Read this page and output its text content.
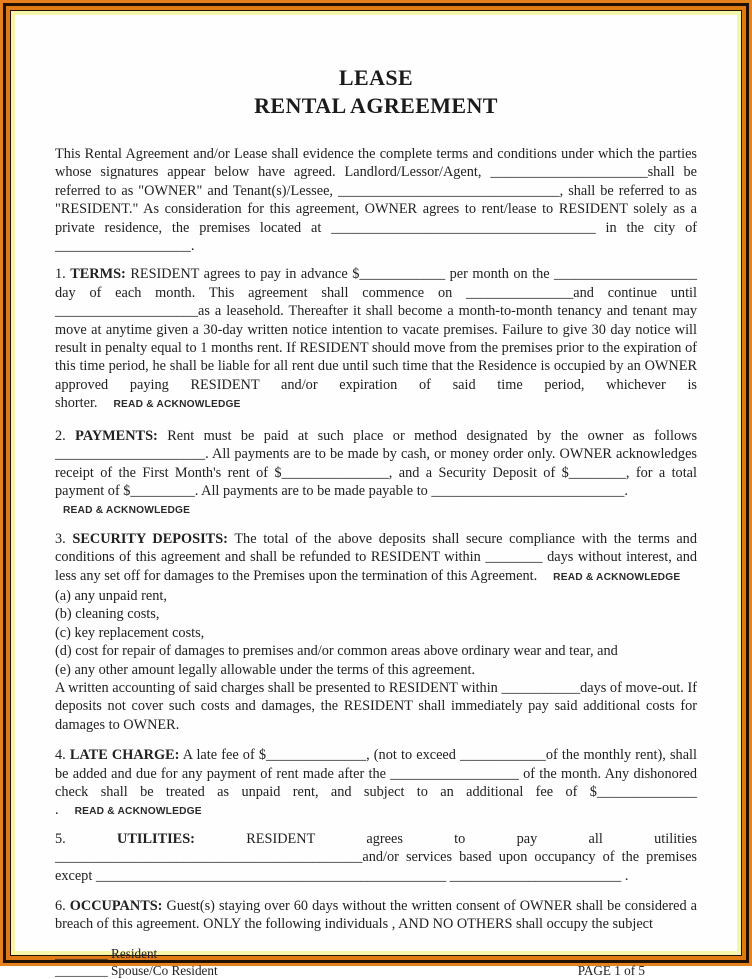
LEASE
RENTAL AGREEMENT

This Rental Agreement and/or Lease shall evidence the complete terms and conditions under which the parties whose signatures appear below have agreed. Landlord/Lessor/Agent, ______________________shall be referred to as "OWNER" and Tenant(s)/Lessee, _______________________________, shall be referred to as "RESIDENT." As consideration for this agreement, OWNER agrees to rent/lease to RESIDENT solely as a private residence, the premises located at _____________________________________ in the city of ___________________.

1. TERMS: RESIDENT agrees to pay in advance $____________ per month on the ____________________ day of each month. This agreement shall commence on _______________and continue until ____________________as a leasehold. Thereafter it shall become a month-to-month tenancy and tenant may move at anytime given a 30-day written notice intention to vacate premises. Failure to give 30 day notice will result in penalty equal to 1 months rent. If RESIDENT should move from the premises prior to the expiration of this time period, he shall be liable for all rent due until such time that the Residence is occupied by an OWNER approved paying RESIDENT and/or expiration of said time period, whichever is shorter. READ & ACKNOWLEDGE

2. PAYMENTS: Rent must be paid at such place or method designated by the owner as follows _____________________. All payments are to be made by cash, or money order only. OWNER acknowledges receipt of the First Month's rent of $_______________, and a Security Deposit of $________, for a total payment of $_________. All payments are to be made payable to ___________________________.
READ & ACKNOWLEDGE

3. SECURITY DEPOSITS: The total of the above deposits shall secure compliance with the terms and conditions of this agreement and shall be refunded to RESIDENT within ________ days without interest, and less any set off for damages to the Premises upon the termination of this Agreement. READ & ACKNOWLEDGE

(a) any unpaid rent,

(b) cleaning costs,

(c) key replacement costs,

(d) cost for repair of damages to premises and/or common areas above ordinary wear and tear, and

(e) any other amount legally allowable under the terms of this agreement.

A written accounting of said charges shall be presented to RESIDENT within ___________days of move-out. If deposits not cover such costs and damages, the RESIDENT shall immediately pay said additional costs for damages to OWNER.

4. LATE CHARGE: A late fee of $______________, (not to exceed ____________of the monthly rent), shall be added and due for any payment of rent made after the __________________ of the month. Any dishonored check shall be treated as unpaid rent, and subject to an additional fee of $______________ . READ & ACKNOWLEDGE

5.	UTILITIES:	RESIDENT agrees to pay all utilities ___________________________________________and/or services based upon occupancy of the premises except _________________________________________________ ________________________ .

6. OCCUPANTS: Guest(s) staying over 60 days without the written consent of OWNER shall be considered a breach of this agreement. ONLY the following individuals , AND NO OTHERS shall occupy the subject

________ Resident

________ Spouse/Co Resident	PAGE 1 of 5
